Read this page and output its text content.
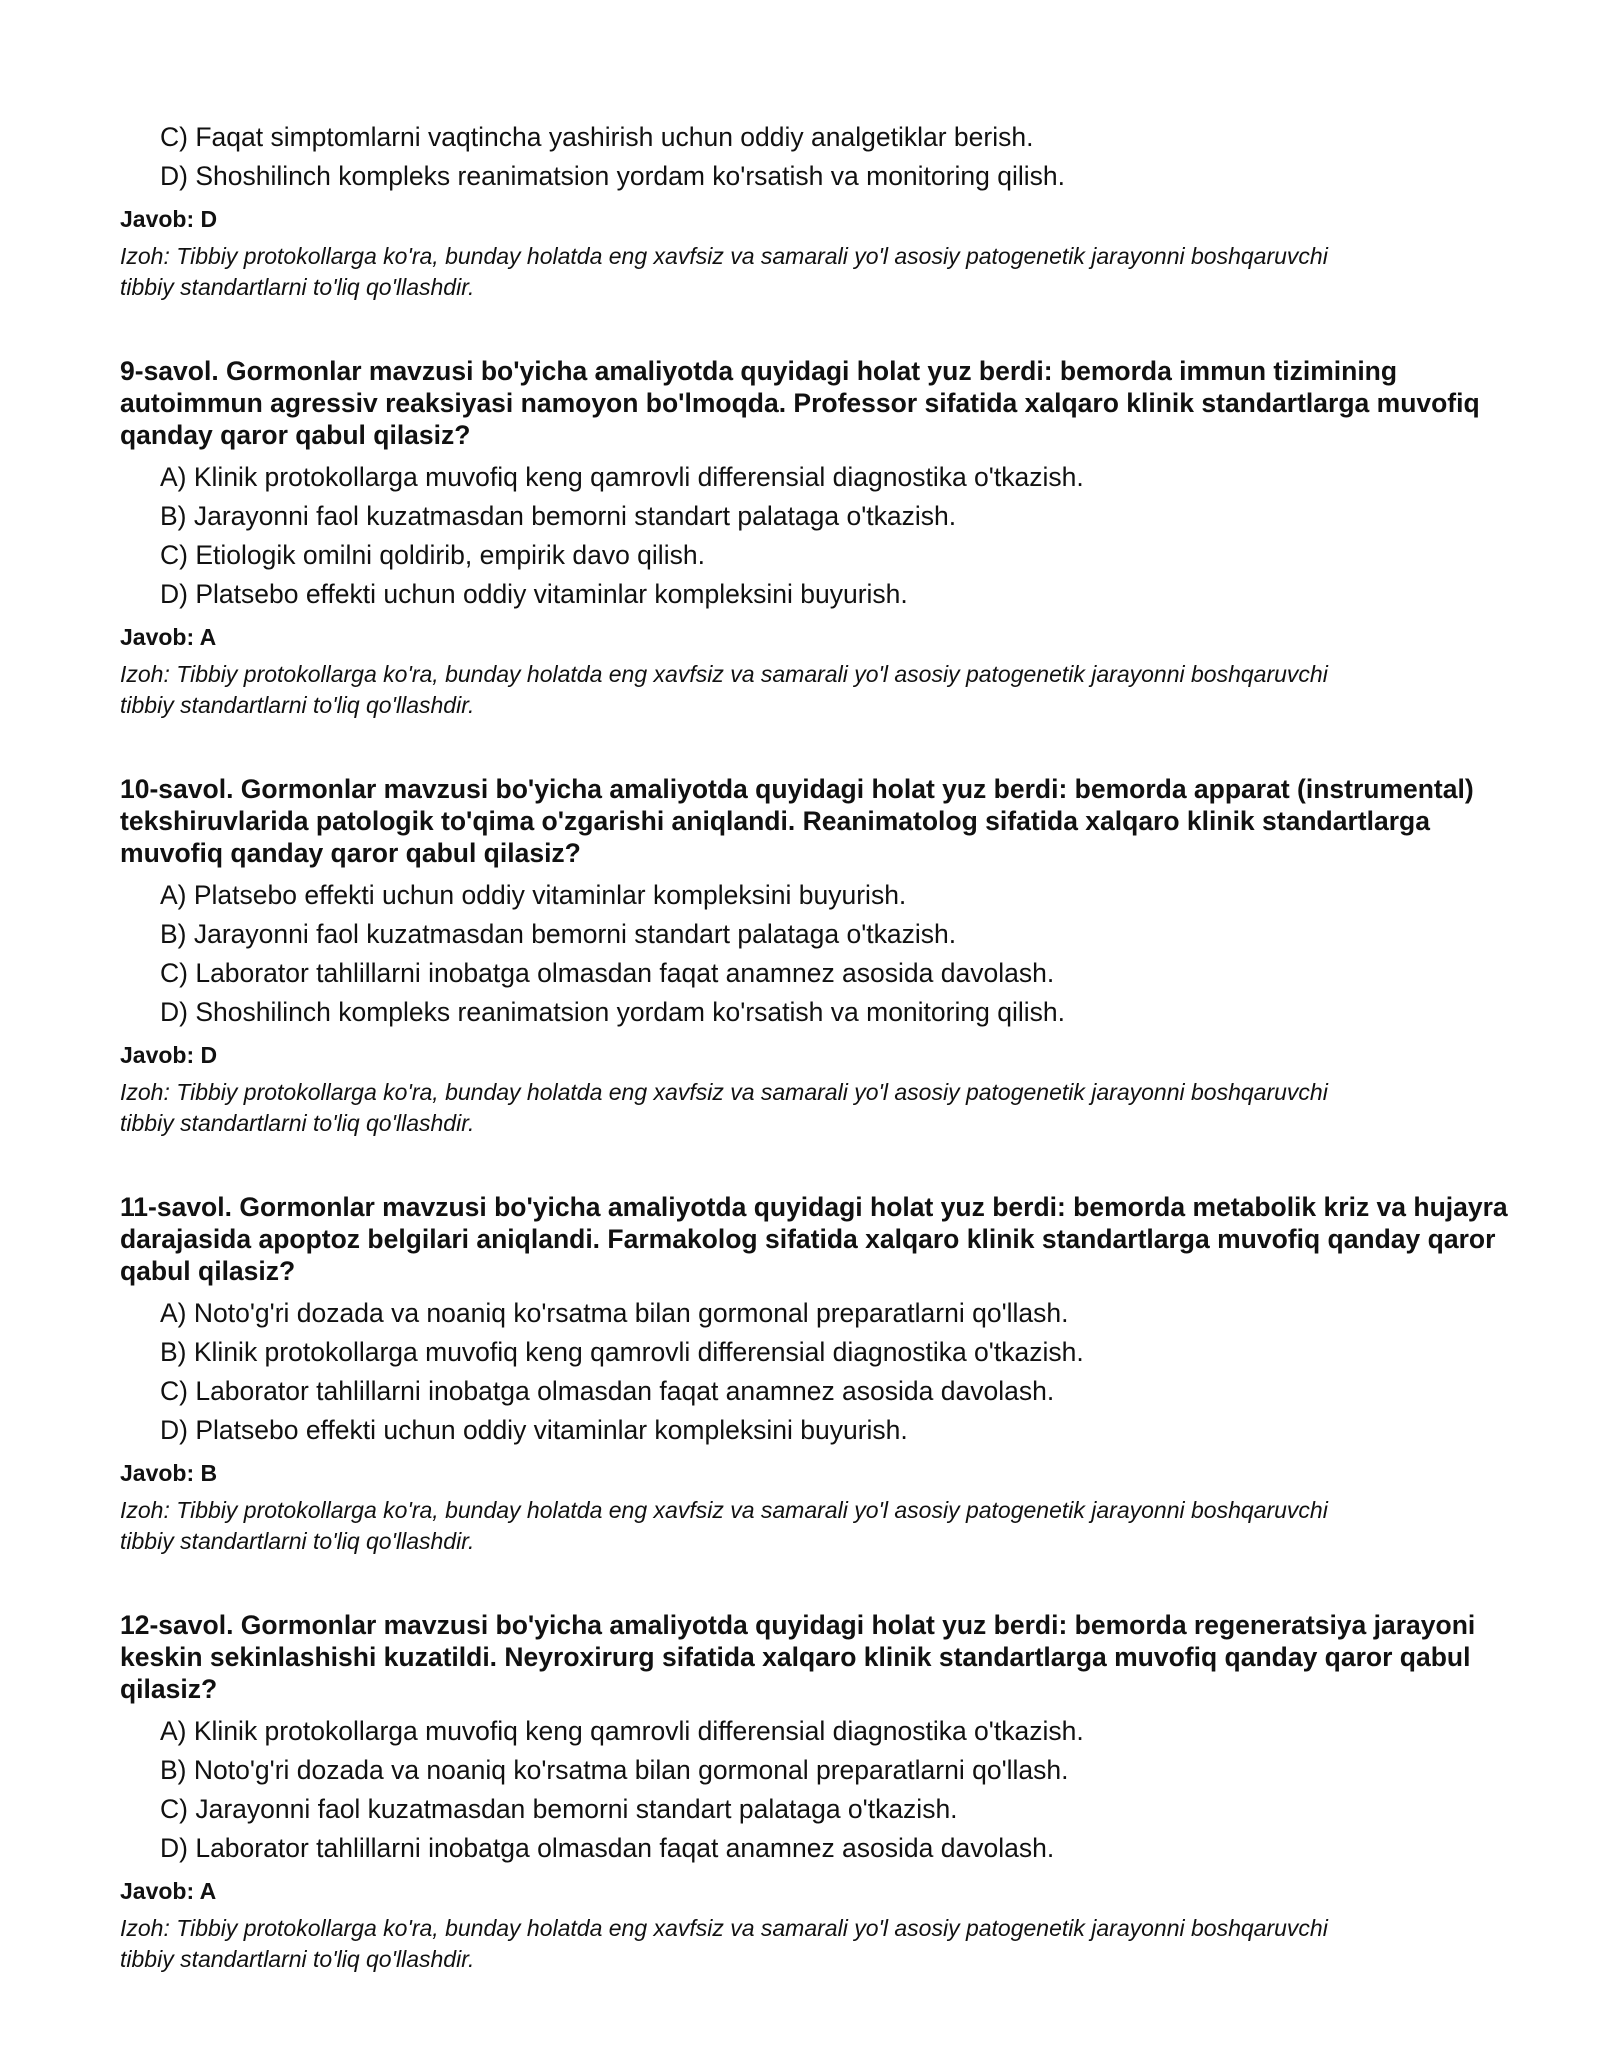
C) Faqat simptomlarni vaqtincha yashirish uchun oddiy analgetiklar berish.
D) Shoshilinch kompleks reanimatsion yordam ko'rsatish va monitoring qilish.
Javob: D
Izoh: Tibbiy protokollarga ko'ra, bunday holatda eng xavfsiz va samarali yo'l asosiy patogenetik jarayonni boshqaruvchi tibbiy standartlarni to'liq qo'llashdir.
9-savol. Gormonlar mavzusi bo'yicha amaliyotda quyidagi holat yuz berdi: bemorda immun tizimining autoimmun agressiv reaksiyasi namoyon bo'lmoqda. Professor sifatida xalqaro klinik standartlarga muvofiq qanday qaror qabul qilasiz?
A) Klinik protokollarga muvofiq keng qamrovli differensial diagnostika o'tkazish.
B) Jarayonni faol kuzatmasdan bemorni standart palataga o'tkazish.
C) Etiologik omilni qoldirib, empirik davo qilish.
D) Platsebo effekti uchun oddiy vitaminlar kompleksini buyurish.
Javob: A
Izoh: Tibbiy protokollarga ko'ra, bunday holatda eng xavfsiz va samarali yo'l asosiy patogenetik jarayonni boshqaruvchi tibbiy standartlarni to'liq qo'llashdir.
10-savol. Gormonlar mavzusi bo'yicha amaliyotda quyidagi holat yuz berdi: bemorda apparat (instrumental) tekshiruvlarida patologik to'qima o'zgarishi aniqlandi. Reanimatolog sifatida xalqaro klinik standartlarga muvofiq qanday qaror qabul qilasiz?
A) Platsebo effekti uchun oddiy vitaminlar kompleksini buyurish.
B) Jarayonni faol kuzatmasdan bemorni standart palataga o'tkazish.
C) Laborator tahlillarni inobatga olmasdan faqat anamnez asosida davolash.
D) Shoshilinch kompleks reanimatsion yordam ko'rsatish va monitoring qilish.
Javob: D
Izoh: Tibbiy protokollarga ko'ra, bunday holatda eng xavfsiz va samarali yo'l asosiy patogenetik jarayonni boshqaruvchi tibbiy standartlarni to'liq qo'llashdir.
11-savol. Gormonlar mavzusi bo'yicha amaliyotda quyidagi holat yuz berdi: bemorda metabolik kriz va hujayra darajasida apoptoz belgilari aniqlandi. Farmakolog sifatida xalqaro klinik standartlarga muvofiq qanday qaror qabul qilasiz?
A) Noto'g'ri dozada va noaniq ko'rsatma bilan gormonal preparatlarni qo'llash.
B) Klinik protokollarga muvofiq keng qamrovli differensial diagnostika o'tkazish.
C) Laborator tahlillarni inobatga olmasdan faqat anamnez asosida davolash.
D) Platsebo effekti uchun oddiy vitaminlar kompleksini buyurish.
Javob: B
Izoh: Tibbiy protokollarga ko'ra, bunday holatda eng xavfsiz va samarali yo'l asosiy patogenetik jarayonni boshqaruvchi tibbiy standartlarni to'liq qo'llashdir.
12-savol. Gormonlar mavzusi bo'yicha amaliyotda quyidagi holat yuz berdi: bemorda regeneratsiya jarayoni keskin sekinlashishi kuzatildi. Neyroxirurg sifatida xalqaro klinik standartlarga muvofiq qanday qaror qabul qilasiz?
A) Klinik protokollarga muvofiq keng qamrovli differensial diagnostika o'tkazish.
B) Noto'g'ri dozada va noaniq ko'rsatma bilan gormonal preparatlarni qo'llash.
C) Jarayonni faol kuzatmasdan bemorni standart palataga o'tkazish.
D) Laborator tahlillarni inobatga olmasdan faqat anamnez asosida davolash.
Javob: A
Izoh: Tibbiy protokollarga ko'ra, bunday holatda eng xavfsiz va samarali yo'l asosiy patogenetik jarayonni boshqaruvchi tibbiy standartlarni to'liq qo'llashdir.
